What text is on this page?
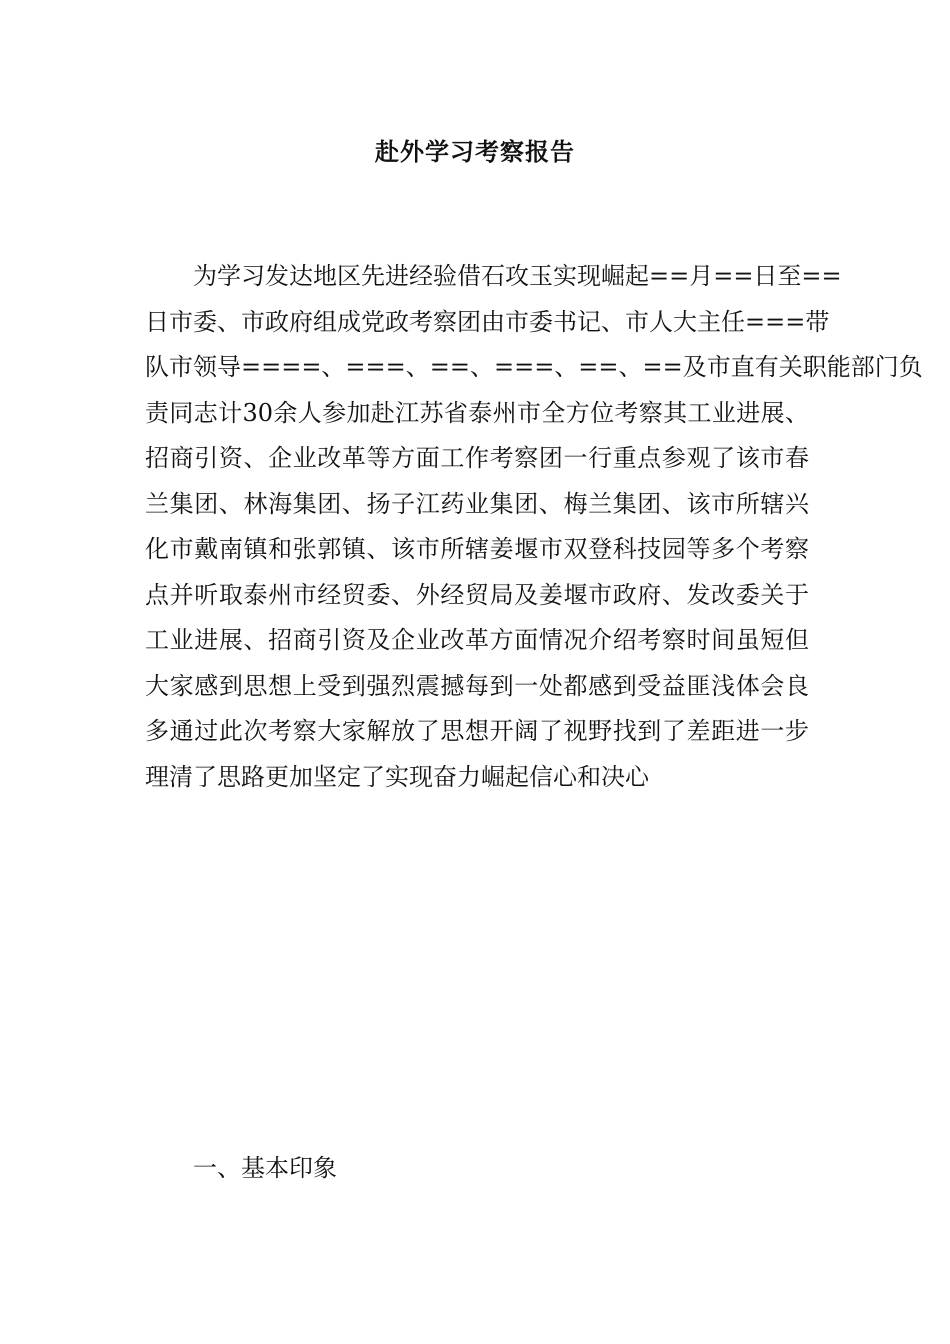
赴外学习考察报告
为学习发达地区先进经验借石攻玉实现崛起==月==日至==
日市委、市政府组成党政考察团由市委书记、市人大主任===带
队市领导====、===、==、===、==、==及市直有关职能部门负
责同志计30余人参加赴江苏省泰州市全方位考察其工业进展、
招商引资、企业改革等方面工作考察团一行重点参观了该市春
兰集团、林海集团、扬子江药业集团、梅兰集团、该市所辖兴
化市戴南镇和张郭镇、该市所辖姜堰市双登科技园等多个考察
点并听取泰州市经贸委、外经贸局及姜堰市政府、发改委关于
工业进展、招商引资及企业改革方面情况介绍考察时间虽短但
大家感到思想上受到强烈震撼每到一处都感到受益匪浅体会良
多通过此次考察大家解放了思想开阔了视野找到了差距进一步
理清了思路更加坚定了实现奋力崛起信心和决心
一、基本印象
